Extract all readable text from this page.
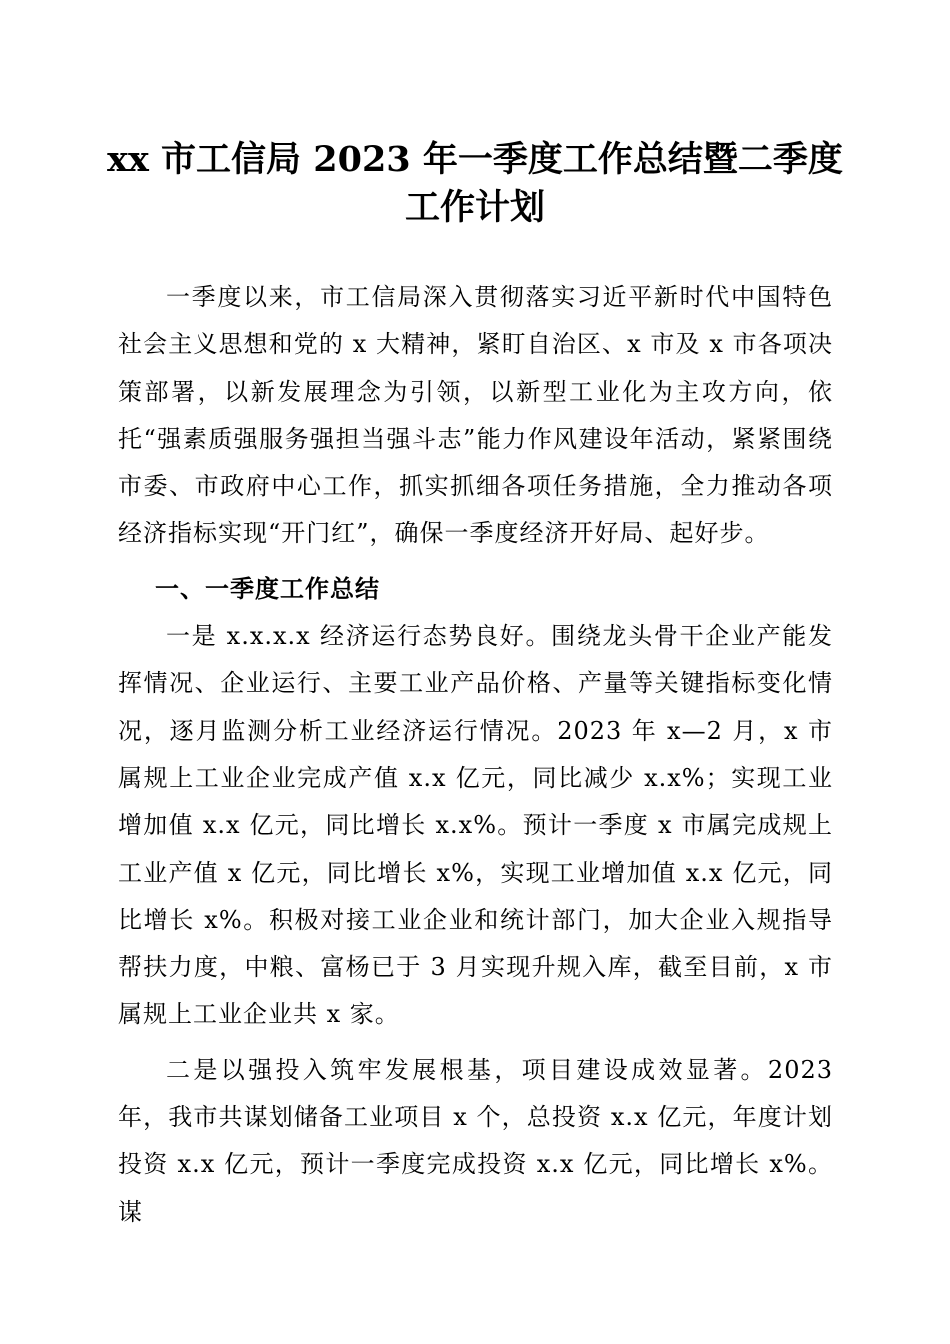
xx 市工信局 2023 年一季度工作总结暨二季度
工作计划

一季度以来，市工信局深入贯彻落实习近平新时代中国特色社会主义思想和党的 x 大精神，紧盯自治区、x 市及 x 市各项决策部署，以新发展理念为引领，以新型工业化为主攻方向，依托“强素质强服务强担当强斗志”能力作风建设年活动，紧紧围绕市委、市政府中心工作，抓实抓细各项任务措施，全力推动各项经济指标实现“开门红”，确保一季度经济开好局、起好步。

一、一季度工作总结

一是 x.x.x.x 经济运行态势良好。围绕龙头骨干企业产能发挥情况、企业运行、主要工业产品价格、产量等关键指标变化情况，逐月监测分析工业经济运行情况。2023 年 x—2 月，x 市属规上工业企业完成产值 x.x 亿元，同比减少 x.x%；实现工业增加值 x.x 亿元，同比增长 x.x%。预计一季度 x 市属完成规上工业产值 x 亿元，同比增长 x%，实现工业增加值 x.x 亿元，同比增长 x%。积极对接工业企业和统计部门，加大企业入规指导帮扶力度，中粮、富杨已于 3 月实现升规入库，截至目前，x 市属规上工业企业共 x 家。

二是以强投入筑牢发展根基，项目建设成效显著。2023 年，我市共谋划储备工业项目 x 个，总投资 x.x 亿元，年度计划投资 x.x 亿元，预计一季度完成投资 x.x 亿元，同比增长 x%。谋
